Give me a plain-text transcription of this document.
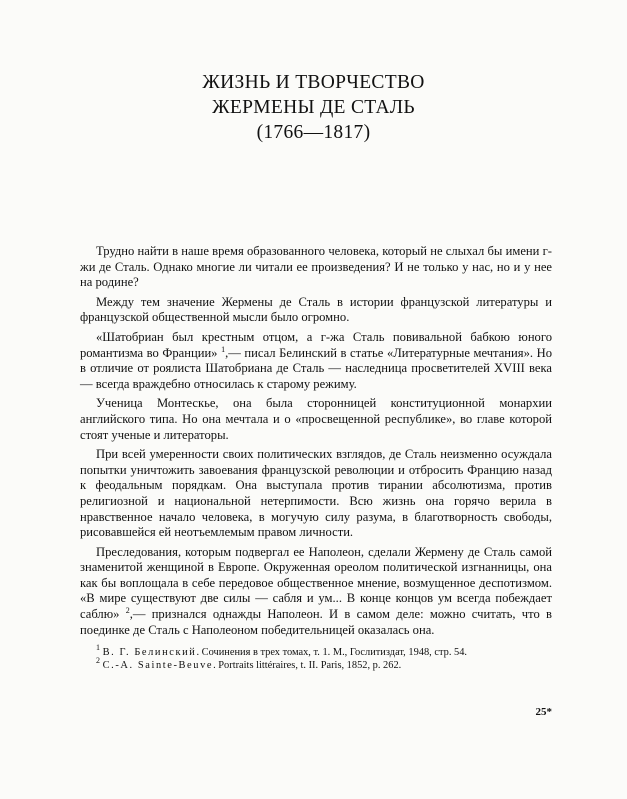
ЖИЗНЬ И ТВОРЧЕСТВО
ЖЕРМЕНЫ ДЕ СТАЛЬ
(1766—1817)

Трудно найти в наше время образованного человека, который не слыхал бы имени г-жи де Сталь. Однако многие ли читали ее произведения? И не только у нас, но и у нее на родине?

Между тем значение Жермены де Сталь в истории французской литературы и французской общественной мысли было огромно.

«Шатобриан был крестным отцом, а г-жа Сталь повивальной бабкою юного романтизма во Франции» $^1$,— писал Белинский в статье «Литературные мечтания». Но в отличие от роялиста Шатобриана де Сталь — наследница просветителей XVIII века — всегда враждебно относилась к старому режиму.

Ученица Монтескье, она была сторонницей конституционной монархии английского типа. Но она мечтала и о «просвещенной республике», во главе которой стоят ученые и литераторы.

При всей умеренности своих политических взглядов, де Сталь неизменно осуждала попытки уничтожить завоевания французской революции и отбросить Францию назад к феодальным порядкам. Она выступала против тирании абсолютизма, против религиозной и национальной нетерпимости. Всю жизнь она горячо верила в нравственное начало человека, в могучую силу разума, в благотворность свободы, рисовавшейся ей неотъемлемым правом личности.

Преследования, которым подвергал ее Наполеон, сделали Жермену де Сталь самой знаменитой женщиной в Европе. Окруженная ореолом политической изгнанницы, она как бы воплощала в себе передовое общественное мнение, возмущенное деспотизмом. «В мире существуют две силы — сабля и ум... В конце концов ум всегда побеждает саблю» $^2$,— признался однажды Наполеон. И в самом деле: можно считать, что в поединке де Сталь с Наполеоном победительницей оказалась она.

$^1$ В. Г. Белинский. Сочинения в трех томах, т. 1. М., Гослитиздат, 1948, стр. 54.

$^2$ C.-A. Sainte-Beuve. Portraits littéraires, t. II. Paris, 1852, p. 262.

25*
